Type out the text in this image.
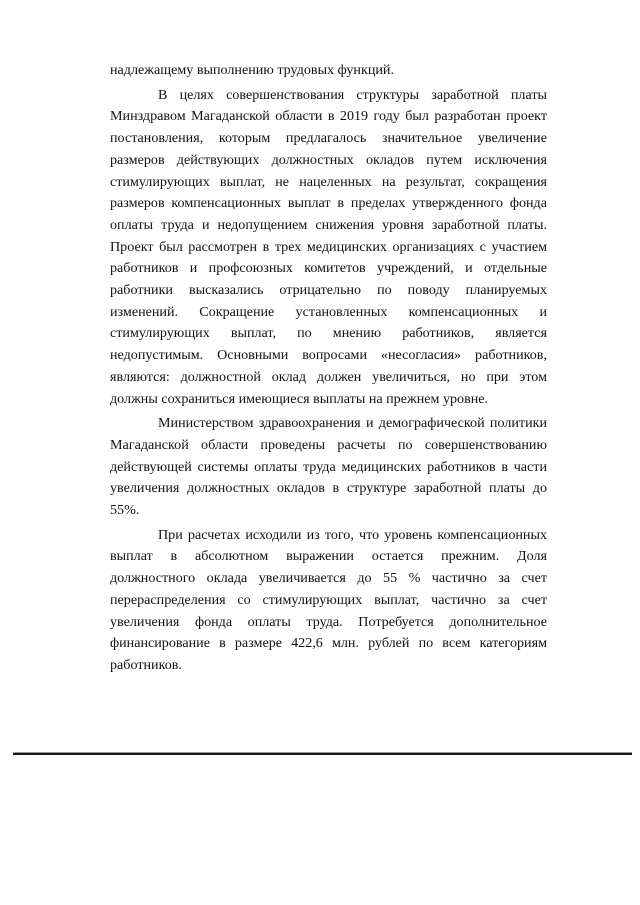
надлежащему выполнению трудовых функций.

В целях совершенствования структуры заработной платы Минздравом Магаданской области в 2019 году был разработан проект постановления, которым предлагалось значительное увеличение размеров действующих должностных окладов путем исключения стимулирующих выплат, не нацеленных на результат, сокращения размеров компенсационных выплат в пределах утвержденного фонда оплаты труда и недопущением снижения уровня заработной платы. Проект был рассмотрен в трех медицинских организациях с участием работников и профсоюзных комитетов учреждений, и отдельные работники высказались отрицательно по поводу планируемых изменений. Сокращение установленных компенсационных и стимулирующих выплат, по мнению работников, является недопустимым. Основными вопросами «несогласия» работников, являются: должностной оклад должен увеличиться, но при этом должны сохраниться имеющиеся выплаты на прежнем уровне.

Министерством здравоохранения и демографической политики Магаданской области проведены расчеты по совершенствованию действующей системы оплаты труда медицинских работников в части увеличения должностных окладов в структуре заработной платы до 55%.

При расчетах исходили из того, что уровень компенсационных выплат в абсолютном выражении остается прежним. Доля должностного оклада увеличивается до 55 % частично за счет перераспределения со стимулирующих выплат, частично за счет увеличения фонда оплаты труда. Потребуется дополнительное финансирование в размере 422,6 млн. рублей по всем категориям работников.
